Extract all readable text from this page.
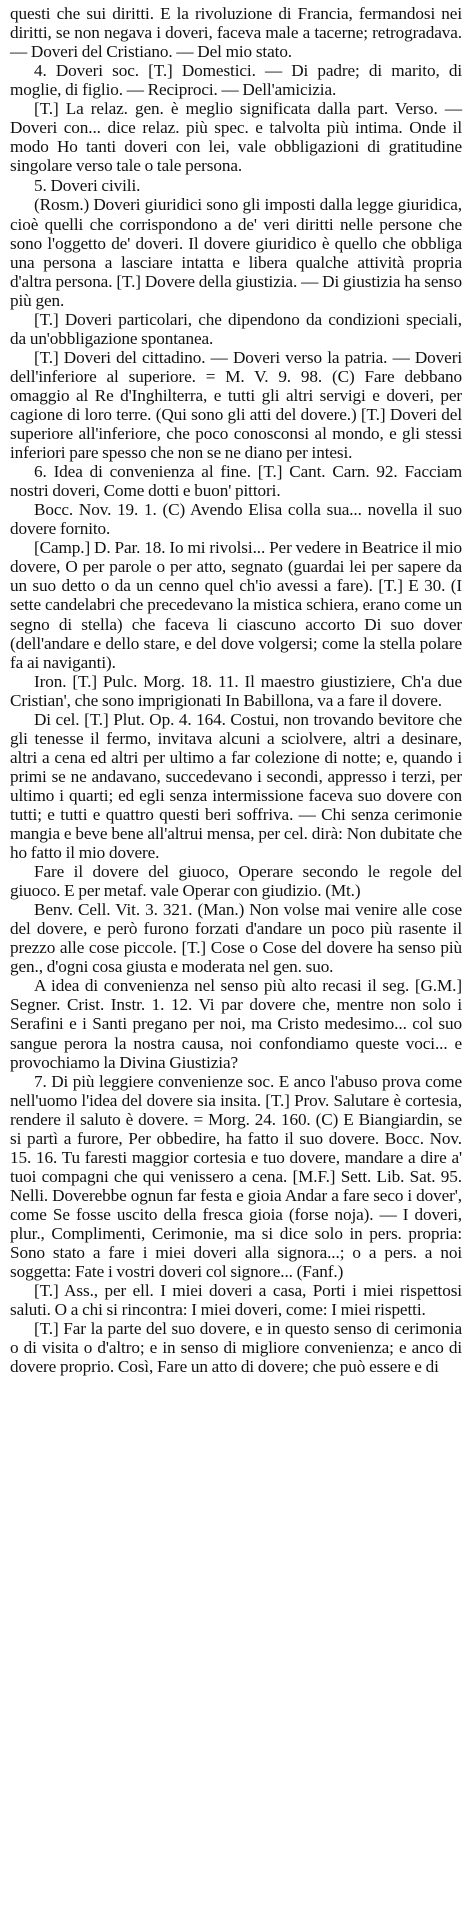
questi che sui diritti. E la rivoluzione di Francia, fermandosi nei diritti, se non negava i doveri, faceva male a tacerne; retrogradava. — Doveri del Cristiano. — Del mio stato.

4. Doveri soc. [T.] Domestici. — Di padre; di marito, di moglie, di figlio. — Reciproci. — Dell'amicizia.

[T.] La relaz. gen. è meglio significata dalla part. Verso. — Doveri con... dice relaz. più spec. e talvolta più intima. Onde il modo Ho tanti doveri con lei, vale obbligazioni di gratitudine singolare verso tale o tale persona.

5. Doveri civili.

(Rosm.) Doveri giuridici sono gli imposti dalla legge giuridica, cioè quelli che corrispondono a de' veri diritti nelle persone che sono l'oggetto de' doveri. Il dovere giuridico è quello che obbliga una persona a lasciare intatta e libera qualche attività propria d'altra persona. [T.] Dovere della giustizia. — Di giustizia ha senso più gen.

[T.] Doveri particolari, che dipendono da condizioni speciali, da un'obbligazione spontanea.

[T.] Doveri del cittadino. — Doveri verso la patria. — Doveri dell'inferiore al superiore. = M. V. 9. 98. (C) Fare debbano omaggio al Re d'Inghilterra, e tutti gli altri servigi e doveri, per cagione di loro terre. (Qui sono gli atti del dovere.) [T.] Doveri del superiore all'inferiore, che poco conosconsi al mondo, e gli stessi inferiori pare spesso che non se ne diano per intesi.

6. Idea di convenienza al fine. [T.] Cant. Carn. 92. Facciam nostri doveri, Come dotti e buon' pittori.

Bocc. Nov. 19. 1. (C) Avendo Elisa colla sua... novella il suo dovere fornito.

[Camp.] D. Par. 18. Io mi rivolsi... Per vedere in Beatrice il mio dovere, O per parole o per atto, segnato (guardai lei per sapere da un suo detto o da un cenno quel ch'io avessi a fare). [T.] E 30. (I sette candelabri che precedevano la mistica schiera, erano come un segno di stella) che faceva li ciascuno accorto Di suo dover (dell'andare e dello stare, e del dove volgersi; come la stella polare fa ai naviganti).

Iron. [T.] Pulc. Morg. 18. 11. Il maestro giustiziere, Ch'a due Cristian', che sono imprigionati In Babillona, va a fare il dovere.

Di cel. [T.] Plut. Op. 4. 164. Costui, non trovando bevitore che gli tenesse il fermo, invitava alcuni a sciolvere, altri a desinare, altri a cena ed altri per ultimo a far colezione di notte; e, quando i primi se ne andavano, succedevano i secondi, appresso i terzi, per ultimo i quarti; ed egli senza intermissione faceva suo dovere con tutti; e tutti e quattro questi beri soffriva. — Chi senza cerimonie mangia e beve bene all'altrui mensa, per cel. dirà: Non dubitate che ho fatto il mio dovere.

Fare il dovere del giuoco, Operare secondo le regole del giuoco. E per metaf. vale Operar con giudizio. (Mt.)

Benv. Cell. Vit. 3. 321. (Man.) Non volse mai venire alle cose del dovere, e però furono forzati d'andare un poco più rasente il prezzo alle cose piccole. [T.] Cose o Cose del dovere ha senso più gen., d'ogni cosa giusta e moderata nel gen. suo.

A idea di convenienza nel senso più alto recasi il seg. [G.M.] Segner. Crist. Instr. 1. 12. Vi par dovere che, mentre non solo i Serafini e i Santi pregano per noi, ma Cristo medesimo... col suo sangue perora la nostra causa, noi confondiamo queste voci... e provochiamo la Divina Giustizia?

7. Di più leggiere convenienze soc. E anco l'abuso prova come nell'uomo l'idea del dovere sia insita. [T.] Prov. Salutare è cortesia, rendere il saluto è dovere. = Morg. 24. 160. (C) E Biangiardin, se si partì a furore, Per obbedire, ha fatto il suo dovere. Bocc. Nov. 15. 16. Tu faresti maggior cortesia e tuo dovere, mandare a dire a' tuoi compagni che qui venissero a cena. [M.F.] Sett. Lib. Sat. 95. Nelli. Doverebbe ognun far festa e gioia Andar a fare seco i dover', come Se fosse uscito della fresca gioia (forse noja). — I doveri, plur., Complimenti, Cerimonie, ma si dice solo in pers. propria: Sono stato a fare i miei doveri alla signora...; o a pers. a noi soggetta: Fate i vostri doveri col signore... (Fanf.)

[T.] Ass., per ell. I miei doveri a casa, Porti i miei rispettosi saluti. O a chi si rincontra: I miei doveri, come: I miei rispetti.

[T.] Far la parte del suo dovere, e in questo senso di cerimonia o di visita o d'altro; e in senso di migliore convenienza; e anco di dovere proprio. Così, Fare un atto di dovere; che può essere e di
